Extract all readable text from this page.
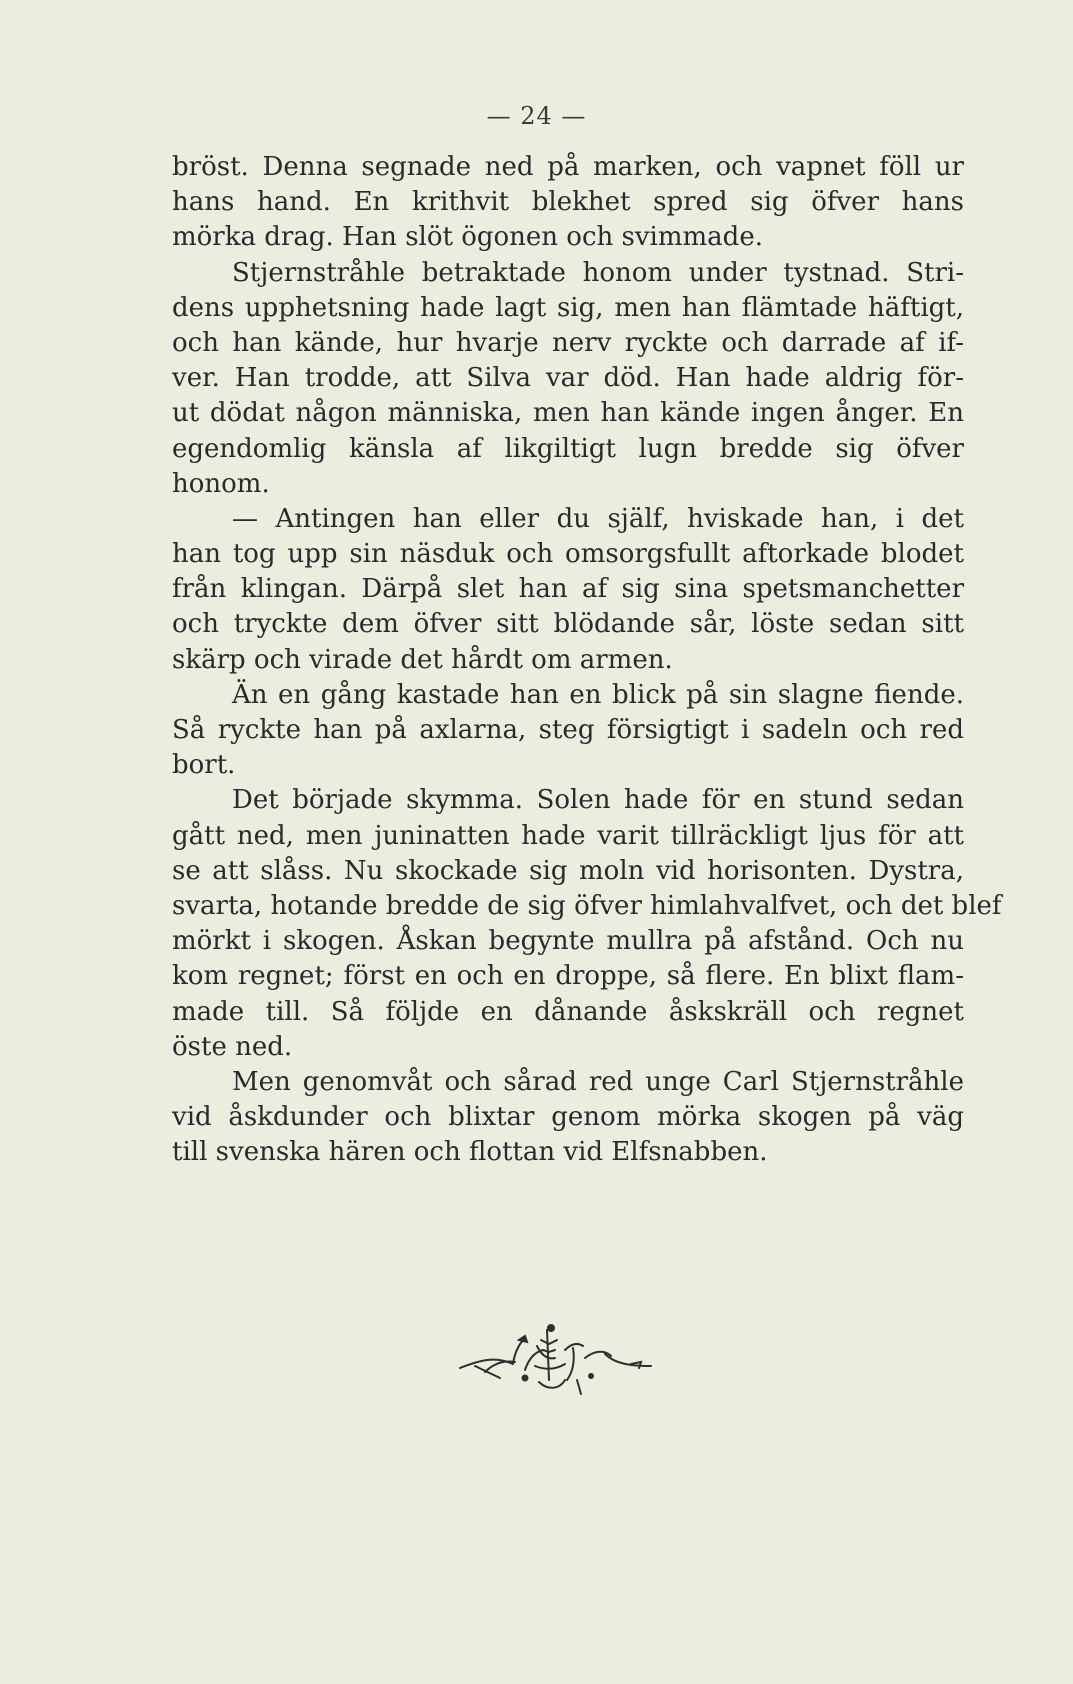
— 24 —

bröst. Denna segnade ned på marken, och vapnet föll ur
hans hand. En krithvit blekhet spred sig öfver hans
mörka drag. Han slöt ögonen och svimmade.
Stjernstråhle betraktade honom under tystnad. Stri-
dens upphetsning hade lagt sig, men han flämtade häftigt,
och han kände, hur hvarje nerv ryckte och darrade af if-
ver. Han trodde, att Silva var död. Han hade aldrig för-
ut dödat någon människa, men han kände ingen ånger. En
egendomlig känsla af likgiltigt lugn bredde sig öfver
honom.
— Antingen han eller du själf, hviskade han, i det
han tog upp sin näsduk och omsorgsfullt aftorkade blodet
från klingan. Därpå slet han af sig sina spetsmanchetter
och tryckte dem öfver sitt blödande sår, löste sedan sitt
skärp och virade det hårdt om armen.
Än en gång kastade han en blick på sin slagne fiende.
Så ryckte han på axlarna, steg försigtigt i sadeln och red
bort.
Det började skymma. Solen hade för en stund sedan
gått ned, men juninatten hade varit tillräckligt ljus för att
se att slåss. Nu skockade sig moln vid horisonten. Dystra,
svarta, hotande bredde de sig öfver himlahvalfvet, och det blef
mörkt i skogen. Åskan begynte mullra på afstånd. Och nu
kom regnet; först en och en droppe, så flere. En blixt flam-
made till. Så följde en dånande åskskräll och regnet
öste ned.
Men genomvåt och sårad red unge Carl Stjernstråhle
vid åskdunder och blixtar genom mörka skogen på väg
till svenska hären och flottan vid Elfsnabben.
